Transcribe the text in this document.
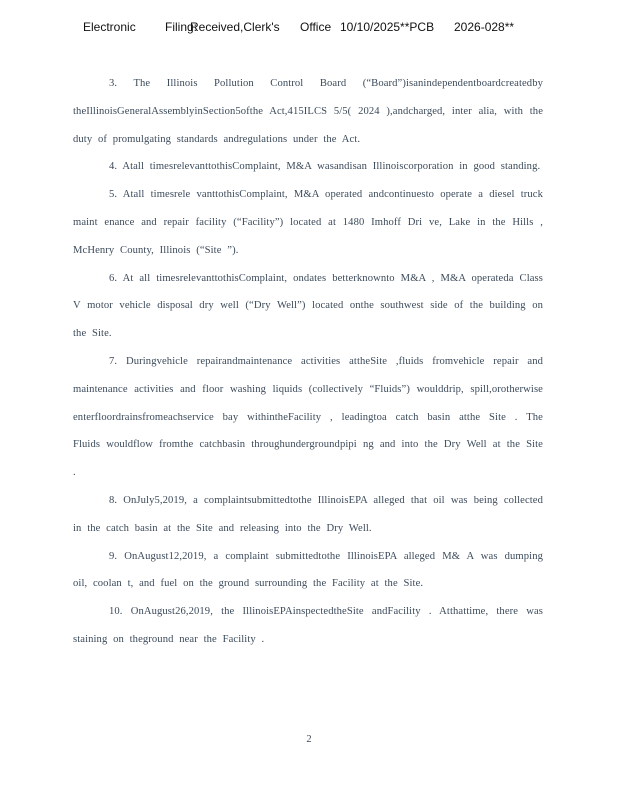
Electronic Filing:
Received,Clerk's Office 10/10/2025**PCB 2026-028**

3. The Illinois Pollution Control Board (“Board”)isanindependentboardcreatedby theIllinoisGeneralAssemblyinSection5ofthe Act,415ILCS 5/5( 2024 ),andcharged, inter alia, with the duty of promulgating standards andregulations under the Act.

4. Atall timesrelevanttothisComplaint, M&A wasandisan Illinoiscorporation in good standing.

5. Atall timesrele vanttothisComplaint, M&A operated andcontinuesto operate a diesel truck maint enance and repair facility (“Facility”) located at 1480 Imhoff Dri ve, Lake in the Hills , McHenry County, Illinois (“Site ”).

6. At all timesrelevanttothisComplaint, ondates betterknownto M&A , M&A operateda Class V motor vehicle disposal dry well (“Dry Well”) located onthe southwest side of the building on the Site.

7. Duringvehicle repairandmaintenance activities attheSite ,fluids fromvehicle repair and maintenance activities and floor washing liquids (collectively “Fluids”) woulddrip, spill,orotherwise enterfloordrainsfromeachservice bay withintheFacility , leadingtoa catch basin atthe Site . The Fluids wouldflow fromthe catchbasin throughundergroundpipi ng and into the Dry Well at the Site .

8. OnJuly5,2019, a complaintsubmittedtothe IllinoisEPA alleged that oil was being collected in the catch basin at the Site and releasing into the Dry Well.

9. OnAugust12,2019, a complaint submittedtothe IllinoisEPA alleged M& A was dumping oil, coolan t, and fuel on the ground surrounding the Facility at the Site.

10. OnAugust26,2019, the IllinoisEPAinspectedtheSite andFacility . Atthattime, there was staining on theground near the Facility .

2
